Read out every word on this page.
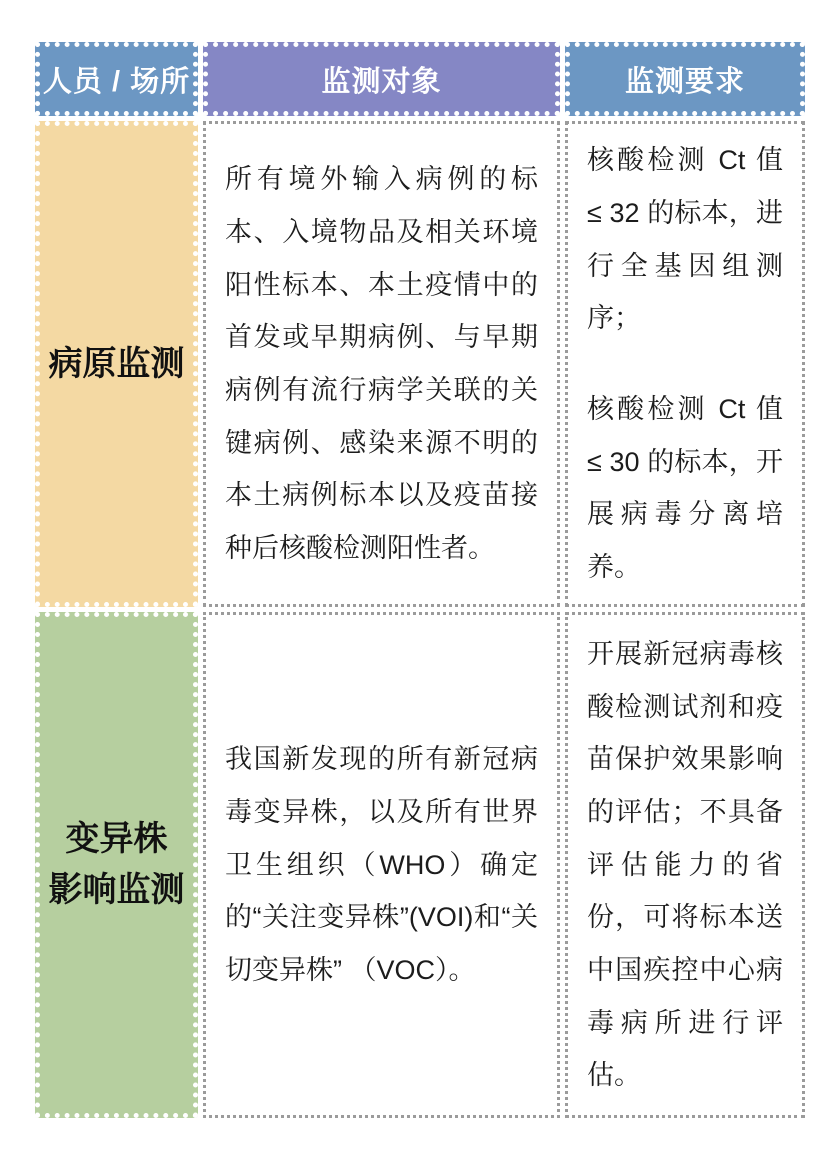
人员 / 场所	监测对象	监测要求
病原监测

所有境外输入病例的标本、入境物品及相关环境阳性标本、本土疫情中的首发或早期病例、与早期病例有流行病学关联的关键病例、感染来源不明的本土病例标本以及疫苗接种后核酸检测阳性者。

核酸检测 Ct 值 ≤ 32 的标本，进行全基因组测序；

核酸检测 Ct 值 ≤ 30 的标本，开展病毒分离培养。

变异株
影响监测

我国新发现的所有新冠病毒变异株，以及所有世界卫生组织（WHO）确定的“关注变异株”(VOI)和“关切变异株” （VOC）。

开展新冠病毒核酸检测试剂和疫苗保护效果影响的评估；不具备评估能力的省份，可将标本送中国疾控中心病毒病所进行评估。
